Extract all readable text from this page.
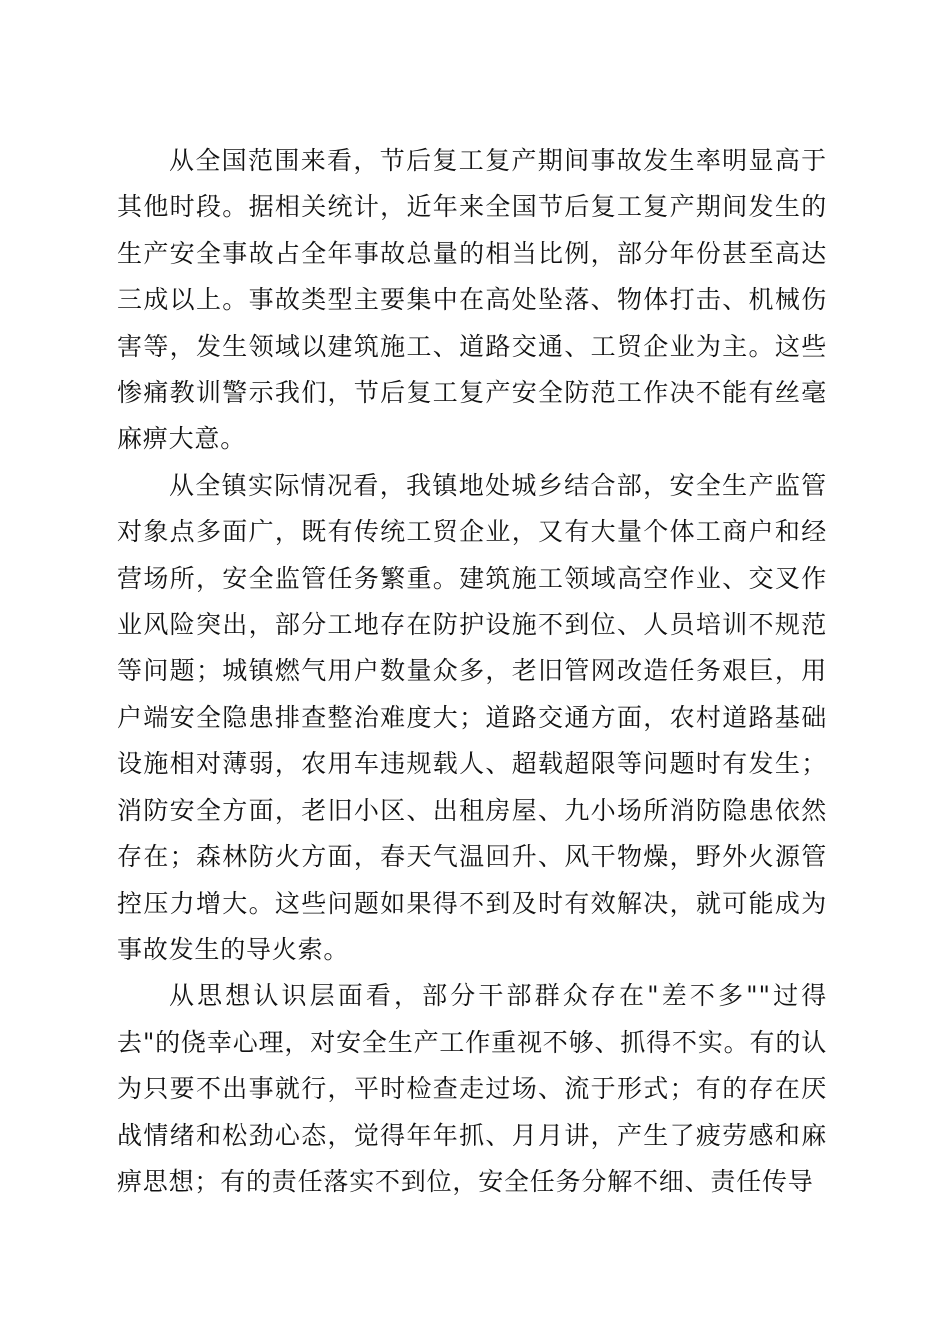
从全国范围来看，节后复工复产期间事故发生率明显高于其他时段。据相关统计，近年来全国节后复工复产期间发生的生产安全事故占全年事故总量的相当比例，部分年份甚至高达三成以上。事故类型主要集中在高处坠落、物体打击、机械伤害等，发生领域以建筑施工、道路交通、工贸企业为主。这些惨痛教训警示我们，节后复工复产安全防范工作决不能有丝毫麻痹大意。

从全镇实际情况看，我镇地处城乡结合部，安全生产监管对象点多面广，既有传统工贸企业，又有大量个体工商户和经营场所，安全监管任务繁重。建筑施工领域高空作业、交叉作业风险突出，部分工地存在防护设施不到位、人员培训不规范等问题；城镇燃气用户数量众多，老旧管网改造任务艰巨，用户端安全隐患排查整治难度大；道路交通方面，农村道路基础设施相对薄弱，农用车违规载人、超载超限等问题时有发生；消防安全方面，老旧小区、出租房屋、九小场所消防隐患依然存在；森林防火方面，春天气温回升、风干物燥，野外火源管控压力增大。这些问题如果得不到及时有效解决，就可能成为事故发生的导火索。

从思想认识层面看，部分干部群众存在"差不多""过得去"的侥幸心理，对安全生产工作重视不够、抓得不实。有的认为只要不出事就行，平时检查走过场、流于形式；有的存在厌战情绪和松劲心态，觉得年年抓、月月讲，产生了疲劳感和麻痹思想；有的责任落实不到位，安全任务分解不细、责任传导
